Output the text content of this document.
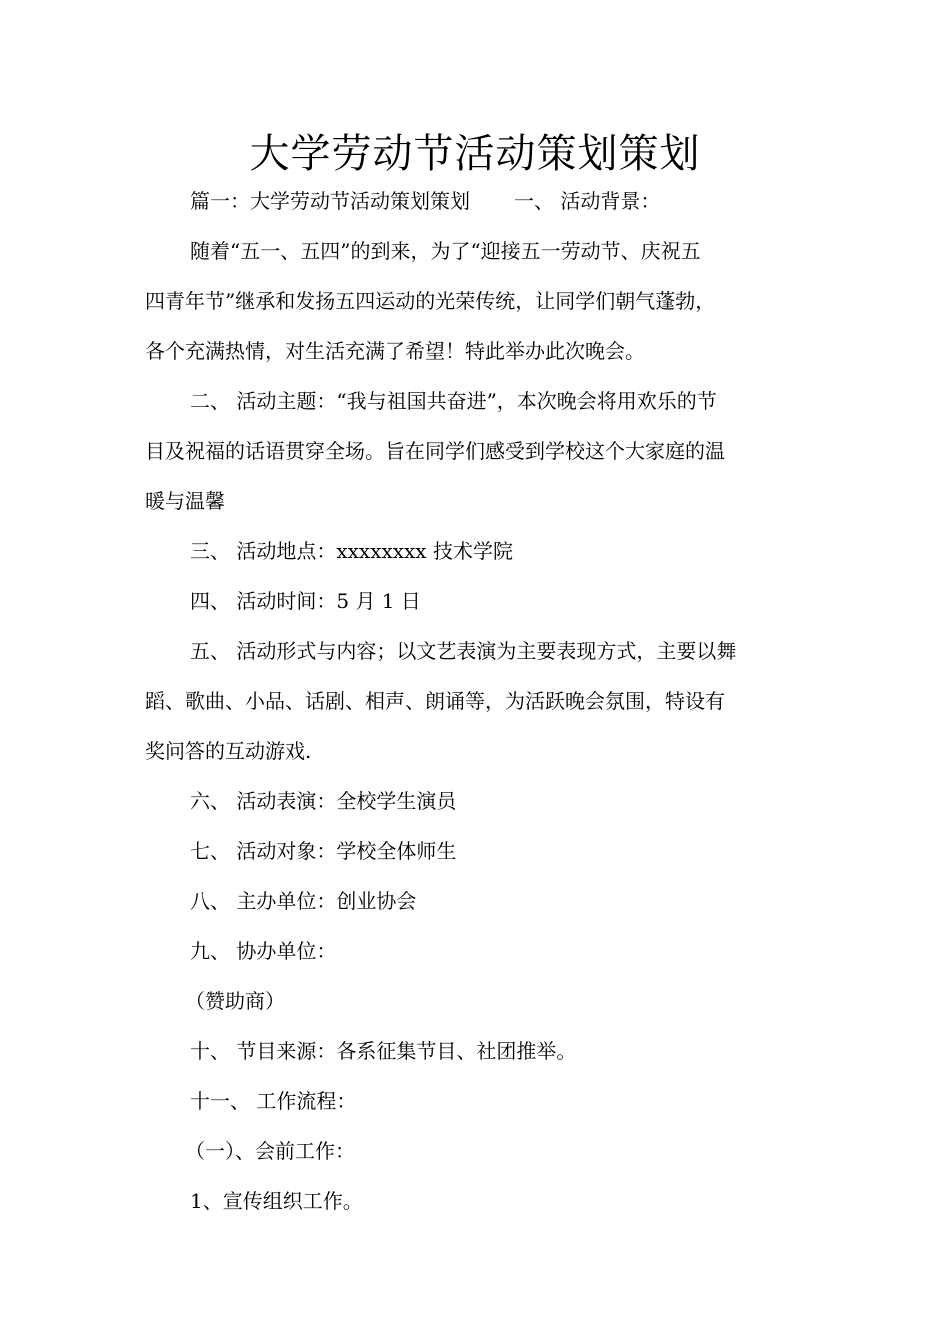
大学劳动节活动策划策划
篇一：大学劳动节活动策划策划 一、 活动背景：
随着“五一、五四”的到来，为了“迎接五一劳动节、庆祝五
四青年节”继承和发扬五四运动的光荣传统，让同学们朝气蓬勃，
各个充满热情，对生活充满了希望！特此举办此次晚会。
二、 活动主题：“我与祖国共奋进”，本次晚会将用欢乐的节
目及祝福的话语贯穿全场。旨在同学们感受到学校这个大家庭的温
暖与温馨
三、 活动地点：xxxxxxxx 技术学院
四、 活动时间：5 月 1 日
五、 活动形式与内容；以文艺表演为主要表现方式，主要以舞
蹈、歌曲、小品、话剧、相声、朗诵等，为活跃晚会氛围，特设有
奖问答的互动游戏.
六、 活动表演：全校学生演员
七、 活动对象：学校全体师生
八、 主办单位：创业协会
九、 协办单位：
（赞助商）
十、 节目来源：各系征集节目、社团推举。
十一、 工作流程：
（一）、会前工作：
1、宣传组织工作。
